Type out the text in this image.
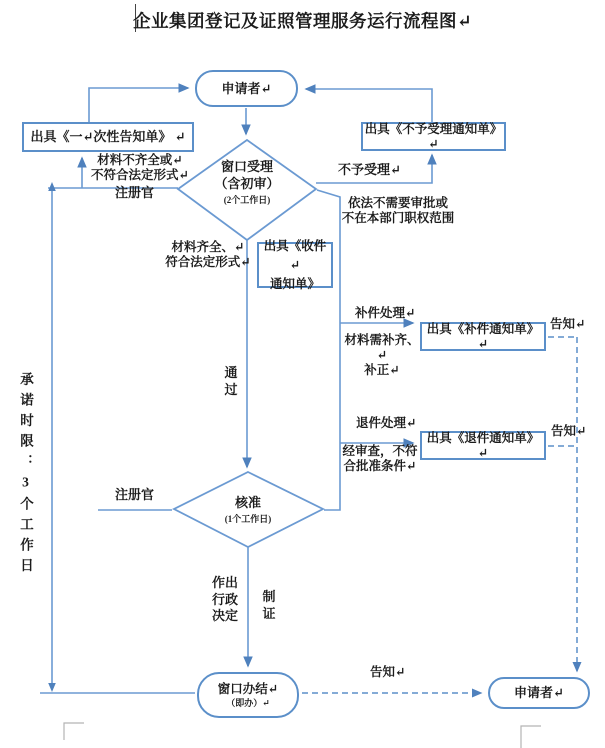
企业集团登记及证照管理服务运行流程图↵
申请者↵
出具《一↵次性告知单》 ↵
出具《不予受理通知单》↵
窗口受理
（含初审）
(2个工作日)
出具《收件↵
通知单》
出具《补件通知单》↵
出具《退件通知单》↵
核准
(1个工作日)
窗口办结↵
（即办）↵
申请者↵
材料不齐全或↵
不符合法定形式↵
注册官
不予受理↵
依法不需要审批或
不在本部门职权范围
材料齐全、↵
符合法定形式↵
补件处理↵
材料需补齐、↵
补正↵
告知↵
退件处理↵
经审查，不符
合批准条件↵
告知↵
通
过
注册官
作出
行政
决定
制
证
告知↵
承诺时限：3个工作日
